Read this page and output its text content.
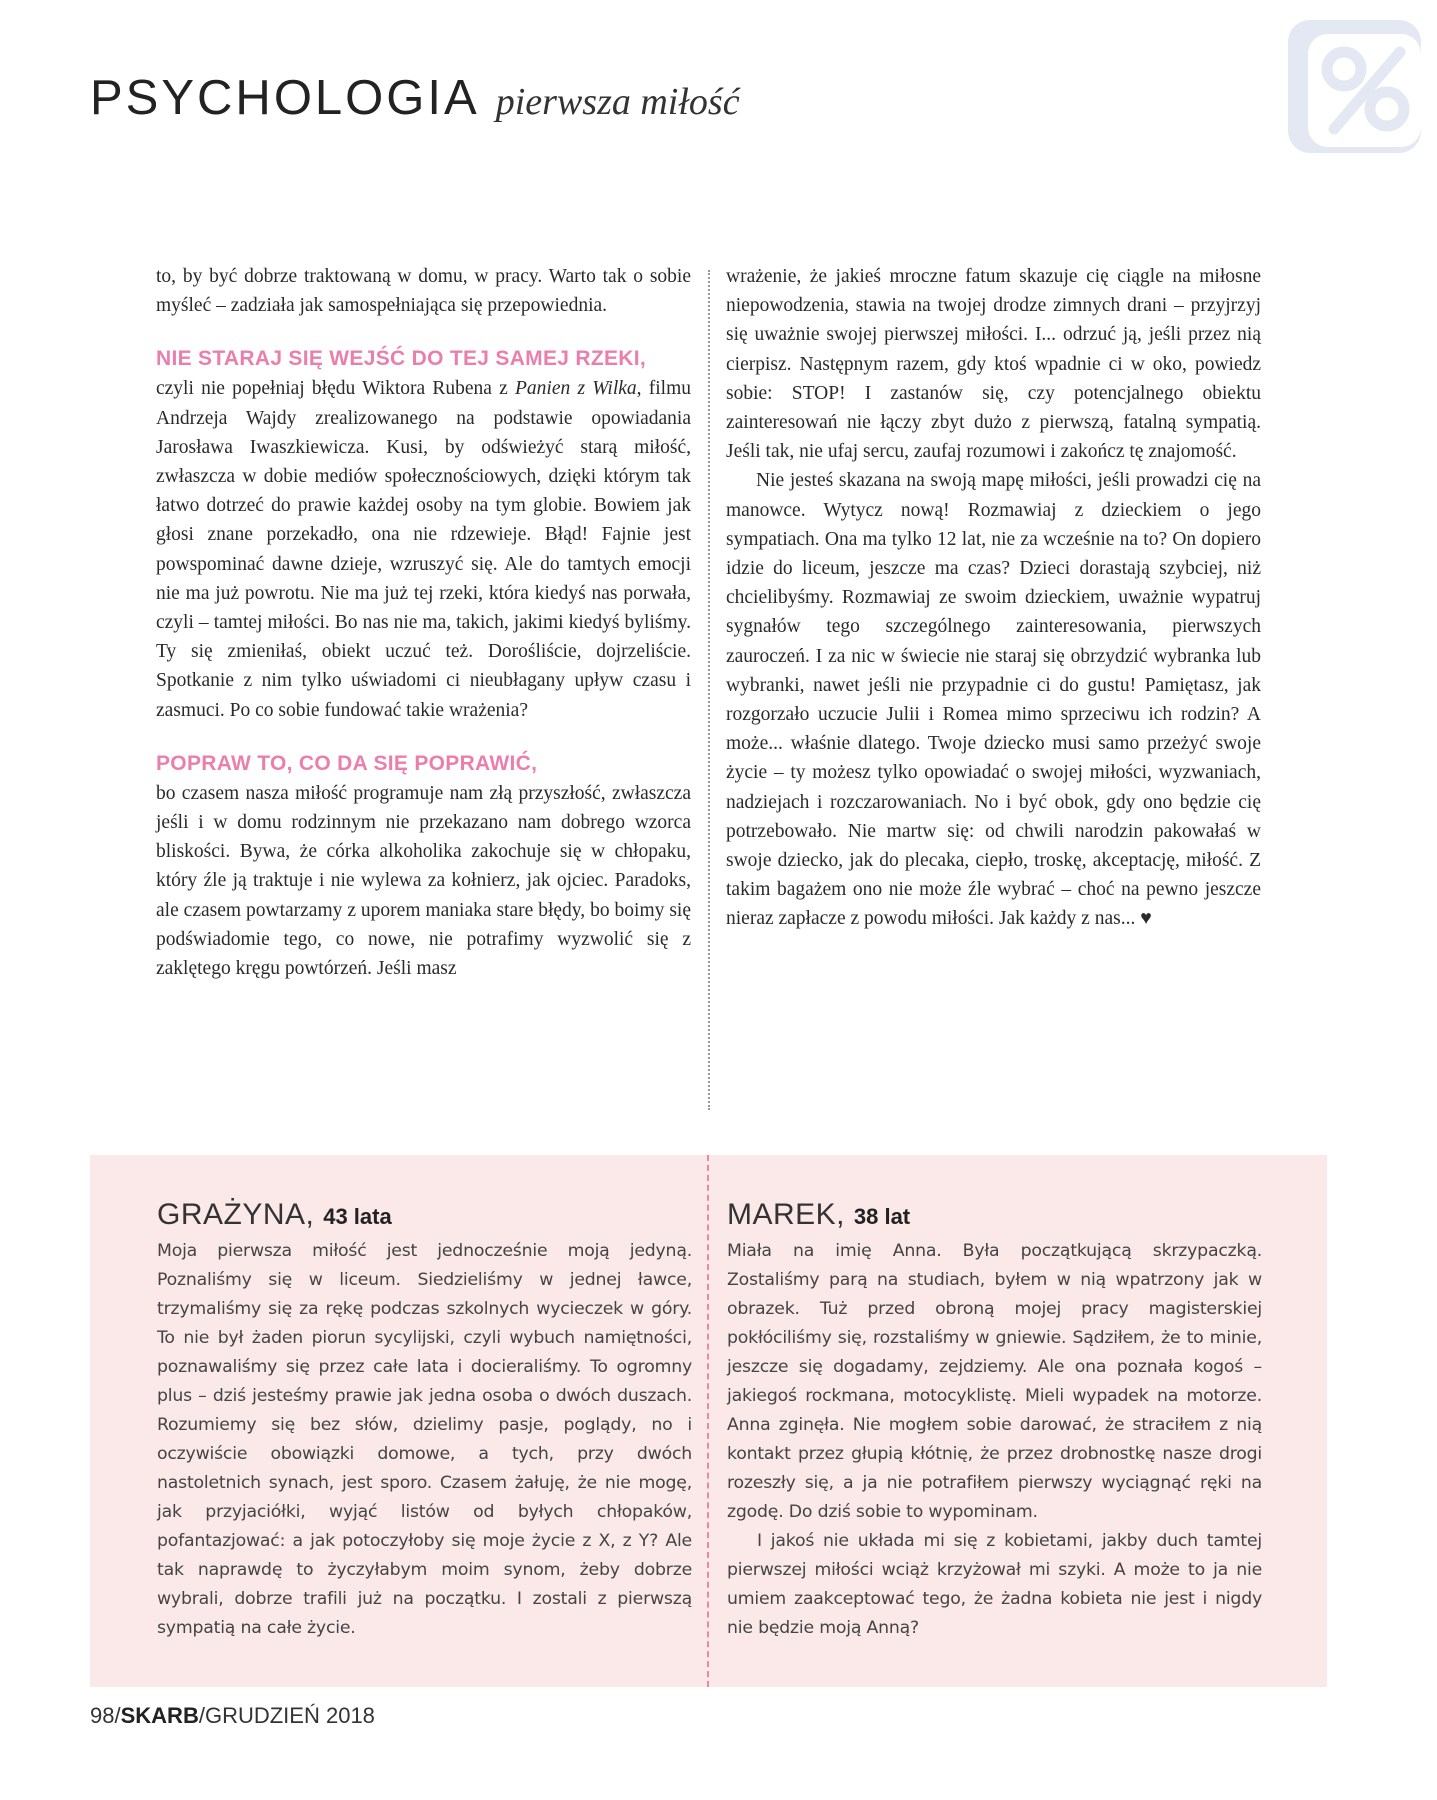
PSYCHOLOGIA pierwsza miłość

to, by być dobrze traktowaną w domu, w pracy. Warto tak o sobie myśleć – zadziała jak samospełniająca się przepowiednia.

NIE STARAJ SIĘ WEJŚĆ DO TEJ SAMEJ RZEKI,

czyli nie popełniaj błędu Wiktora Rubena z Panien z Wilka, filmu Andrzeja Wajdy zrealizowanego na podstawie opowiadania Jarosława Iwaszkiewicza. Kusi, by odświeżyć starą miłość, zwłaszcza w dobie mediów społecznościowych, dzięki którym tak łatwo dotrzeć do prawie każdej osoby na tym globie. Bowiem jak głosi znane porzekadło, ona nie rdzewieje. Błąd! Fajnie jest powspominać dawne dzieje, wzruszyć się. Ale do tamtych emocji nie ma już powrotu. Nie ma już tej rzeki, która kiedyś nas porwała, czyli – tamtej miłości. Bo nas nie ma, takich, jakimi kiedyś byliśmy. Ty się zmieniłaś, obiekt uczuć też. Dorośliście, dojrzeliście. Spotkanie z nim tylko uświadomi ci nieubłagany upływ czasu i zasmuci. Po co sobie fundować takie wrażenia?

POPRAW TO, CO DA SIĘ POPRAWIĆ,

bo czasem nasza miłość programuje nam złą przyszłość, zwłaszcza jeśli i w domu rodzinnym nie przekazano nam dobrego wzorca bliskości. Bywa, że córka alkoholika zakochuje się w chłopaku, który źle ją traktuje i nie wylewa za kołnierz, jak ojciec. Paradoks, ale czasem powtarzamy z uporem maniaka stare błędy, bo boimy się podświadomie tego, co nowe, nie potrafimy wyzwolić się z zaklętego kręgu powtórzeń. Jeśli masz

wrażenie, że jakieś mroczne fatum skazuje cię ciągle na miłosne niepowodzenia, stawia na twojej drodze zimnych drani – przyjrzyj się uważnie swojej pierwszej miłości. I... odrzuć ją, jeśli przez nią cierpisz. Następnym razem, gdy ktoś wpadnie ci w oko, powiedz sobie: STOP! I zastanów się, czy potencjalnego obiektu zainteresowań nie łączy zbyt dużo z pierwszą, fatalną sympatią. Jeśli tak, nie ufaj sercu, zaufaj rozumowi i zakończ tę znajomość.

Nie jesteś skazana na swoją mapę miłości, jeśli prowadzi cię na manowce. Wytycz nową! Rozmawiaj z dzieckiem o jego sympatiach. Ona ma tylko 12 lat, nie za wcześnie na to? On dopiero idzie do liceum, jeszcze ma czas? Dzieci dorastają szybciej, niż chcielibyśmy. Rozmawiaj ze swoim dzieckiem, uważnie wypatruj sygnałów tego szczególnego zainteresowania, pierwszych zauroczeń. I za nic w świecie nie staraj się obrzydzić wybranka lub wybranki, nawet jeśli nie przypadnie ci do gustu! Pamiętasz, jak rozgorzało uczucie Julii i Romea mimo sprzeciwu ich rodzin? A może... właśnie dlatego. Twoje dziecko musi samo przeżyć swoje życie – ty możesz tylko opowiadać o swojej miłości, wyzwaniach, nadziejach i rozczarowaniach. No i być obok, gdy ono będzie cię potrzebowało. Nie martw się: od chwili narodzin pakowałaś w swoje dziecko, jak do plecaka, ciepło, troskę, akceptację, miłość. Z takim bagażem ono nie może źle wybrać – choć na pewno jeszcze nieraz zapłacze z powodu miłości. Jak każdy z nas... ♥

GRAŻYNA, 43 lata

Moja pierwsza miłość jest jednocześnie moją jedyną. Poznaliśmy się w liceum. Siedzieliśmy w jednej ławce, trzymaliśmy się za rękę podczas szkolnych wycieczek w góry. To nie był żaden piorun sycylijski, czyli wybuch namiętności, poznawaliśmy się przez całe lata i docieraliśmy. To ogromny plus – dziś jesteśmy prawie jak jedna osoba o dwóch duszach. Rozumiemy się bez słów, dzielimy pasje, poglądy, no i oczywiście obowiązki domowe, a tych, przy dwóch nastoletnich synach, jest sporo. Czasem żałuję, że nie mogę, jak przyjaciółki, wyjąć listów od byłych chłopaków, pofantazjować: a jak potoczyłoby się moje życie z X, z Y? Ale tak naprawdę to życzyłabym moim synom, żeby dobrze wybrali, dobrze trafili już na początku. I zostali z pierwszą sympatią na całe życie.

MAREK, 38 lat

Miała na imię Anna. Była początkującą skrzypaczką. Zostaliśmy parą na studiach, byłem w nią wpatrzony jak w obrazek. Tuż przed obroną mojej pracy magisterskiej pokłóciliśmy się, rozstaliśmy w gniewie. Sądziłem, że to minie, jeszcze się dogadamy, zejdziemy. Ale ona poznała kogoś – jakiegoś rockmana, motocyklistę. Mieli wypadek na motorze. Anna zginęła. Nie mogłem sobie darować, że straciłem z nią kontakt przez głupią kłótnię, że przez drobnostkę nasze drogi rozeszły się, a ja nie potrafiłem pierwszy wyciągnąć ręki na zgodę. Do dziś sobie to wypominam.

I jakoś nie układa mi się z kobietami, jakby duch tamtej pierwszej miłości wciąż krzyżował mi szyki. A może to ja nie umiem zaakceptować tego, że żadna kobieta nie jest i nigdy nie będzie moją Anną?

98/SKARB/GRUDZIEŃ 2018
